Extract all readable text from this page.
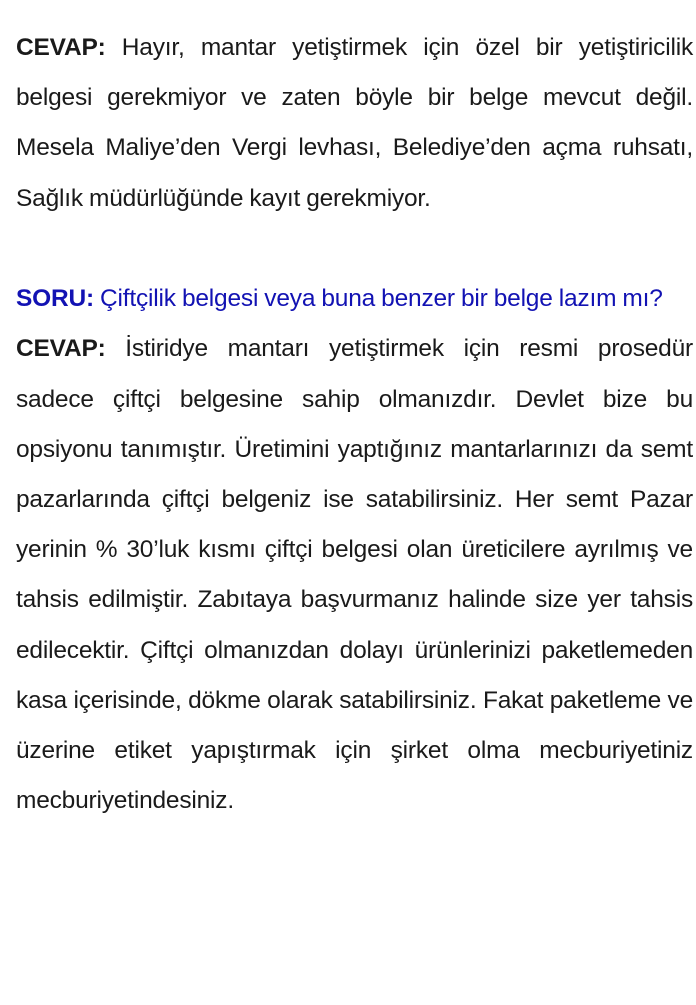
CEVAP: Hayır, mantar yetiştirmek için özel bir yetiştiricilik belgesi gerekmiyor ve zaten böyle bir belge mevcut değil. Mesela Maliye’den Vergi levhası, Belediye’den açma ruhsatı, Sağlık müdürlüğünde kayıt gerekmiyor.

SORU: Çiftçilik belgesi veya buna benzer bir belge lazım mı?

CEVAP: İstiridye mantarı yetiştirmek için resmi prosedür sadece çiftçi belgesine sahip olmanızdır. Devlet bize bu opsiyonu tanımıştır. Üretimini yaptığınız mantarlarınızı da semt pazarlarında çiftçi belgeniz ise satabilirsiniz. Her semt Pazar yerinin % 30’luk kısmı çiftçi belgesi olan üreticilere ayrılmış ve tahsis edilmiştir. Zabıtaya başvurmanız halinde size yer tahsis edilecektir. Çiftçi olmanızdan dolayı ürünlerinizi paketlemeden kasa içerisinde, dökme olarak satabilirsiniz. Fakat paketleme ve üzerine etiket yapıştırmak için şirket olma mecburiyetiniz mecburiyetindesiniz.
